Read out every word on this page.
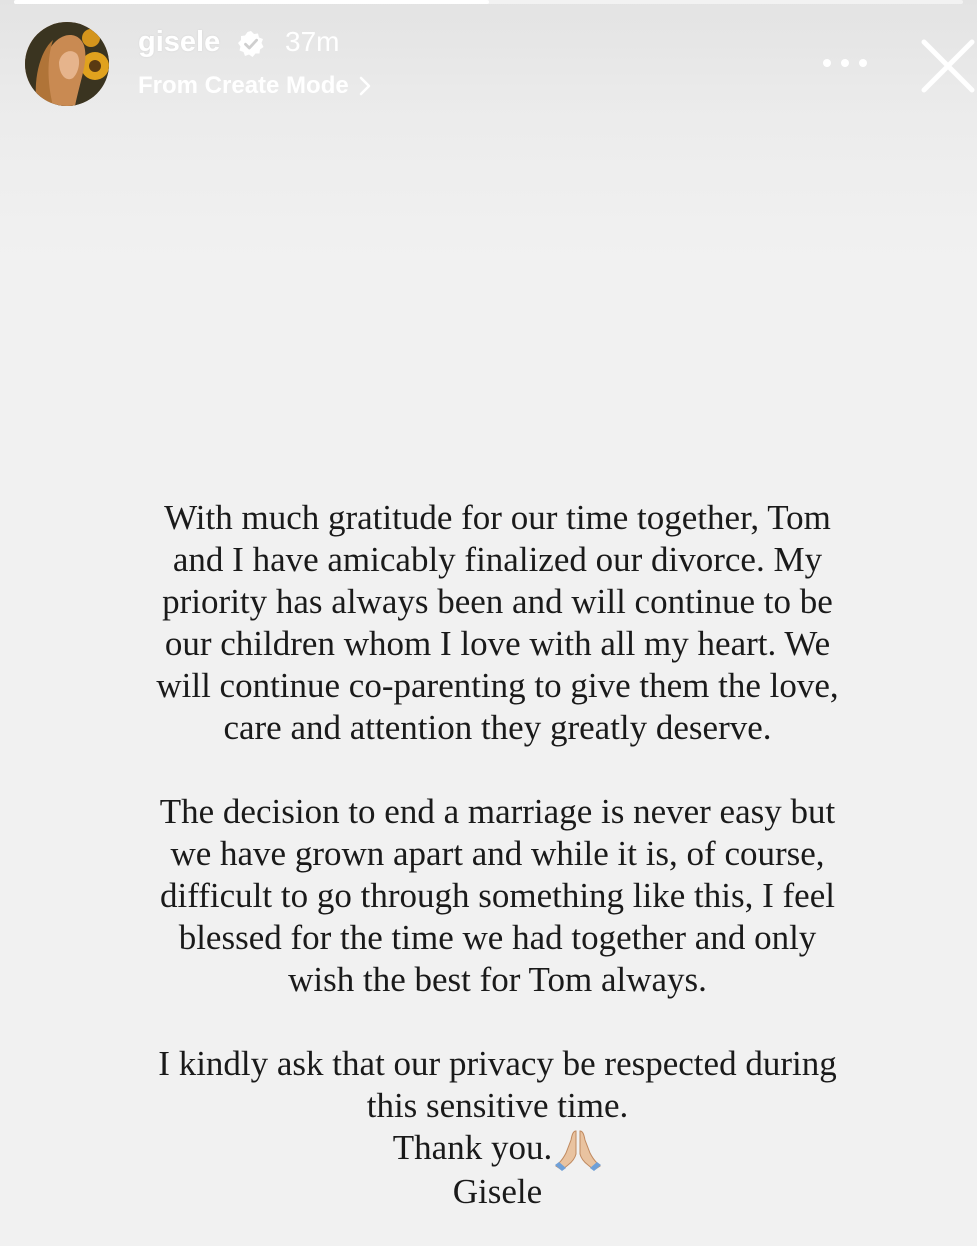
gisele 37m
From Create Mode
With much gratitude for our time together, Tom
and I have amicably finalized our divorce. My
priority has always been and will continue to be
our children whom I love with all my heart. We
will continue co-parenting to give them the love,
care and attention they greatly deserve.
The decision to end a marriage is never easy but
we have grown apart and while it is, of course,
difficult to go through something like this, I feel
blessed for the time we had together and only
wish the best for Tom always.
I kindly ask that our privacy be respected during
this sensitive time.
Thank you.
Gisele
